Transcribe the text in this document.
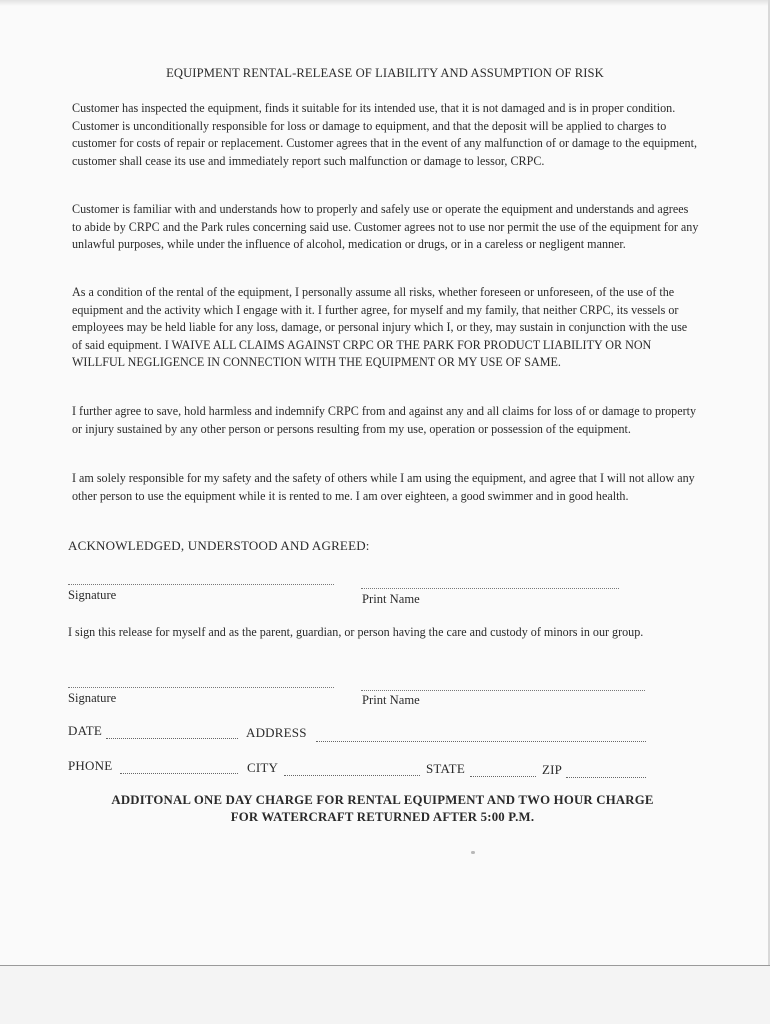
EQUIPMENT RENTAL-RELEASE OF LIABILITY AND ASSUMPTION OF RISK
Customer has inspected the equipment, finds it suitable for its intended use, that it is not damaged and is in proper condition. Customer is unconditionally responsible for loss or damage to equipment, and that the deposit will be applied to charges to customer for costs of repair or replacement. Customer agrees that in the event of any malfunction of or damage to the equipment, customer shall cease its use and immediately report such malfunction or damage to lessor, CRPC.
Customer is familiar with and understands how to properly and safely use or operate the equipment and understands and agrees to abide by CRPC and the Park rules concerning said use. Customer agrees not to use nor permit the use of the equipment for any unlawful purposes, while under the influence of alcohol, medication or drugs, or in a careless or negligent manner.
As a condition of the rental of the equipment, I personally assume all risks, whether foreseen or unforeseen, of the use of the equipment and the activity which I engage with it. I further agree, for myself and my family, that neither CRPC, its vessels or employees may be held liable for any loss, damage, or personal injury which I, or they, may sustain in conjunction with the use of said equipment. I WAIVE ALL CLAIMS AGAINST CRPC OR THE PARK FOR PRODUCT LIABILITY OR NON WILLFUL NEGLIGENCE IN CONNECTION WITH THE EQUIPMENT OR MY USE OF SAME.
I further agree to save, hold harmless and indemnify CRPC from and against any and all claims for loss of or damage to property or injury sustained by any other person or persons resulting from my use, operation or possession of the equipment.
I am solely responsible for my safety and the safety of others while I am using the equipment, and agree that I will not allow any other person to use the equipment while it is rented to me. I am over eighteen, a good swimmer and in good health.
ACKNOWLEDGED, UNDERSTOOD AND AGREED:
Signature	Print Name
I sign this release for myself and as the parent, guardian, or person having the care and custody of minors in our group.
Signature	Print Name
DATE	ADDRESS
PHONE	CITY	STATE	ZIP
ADDITONAL ONE DAY CHARGE FOR RENTAL EQUIPMENT AND TWO HOUR CHARGE
FOR WATERCRAFT RETURNED AFTER 5:00 P.M.
